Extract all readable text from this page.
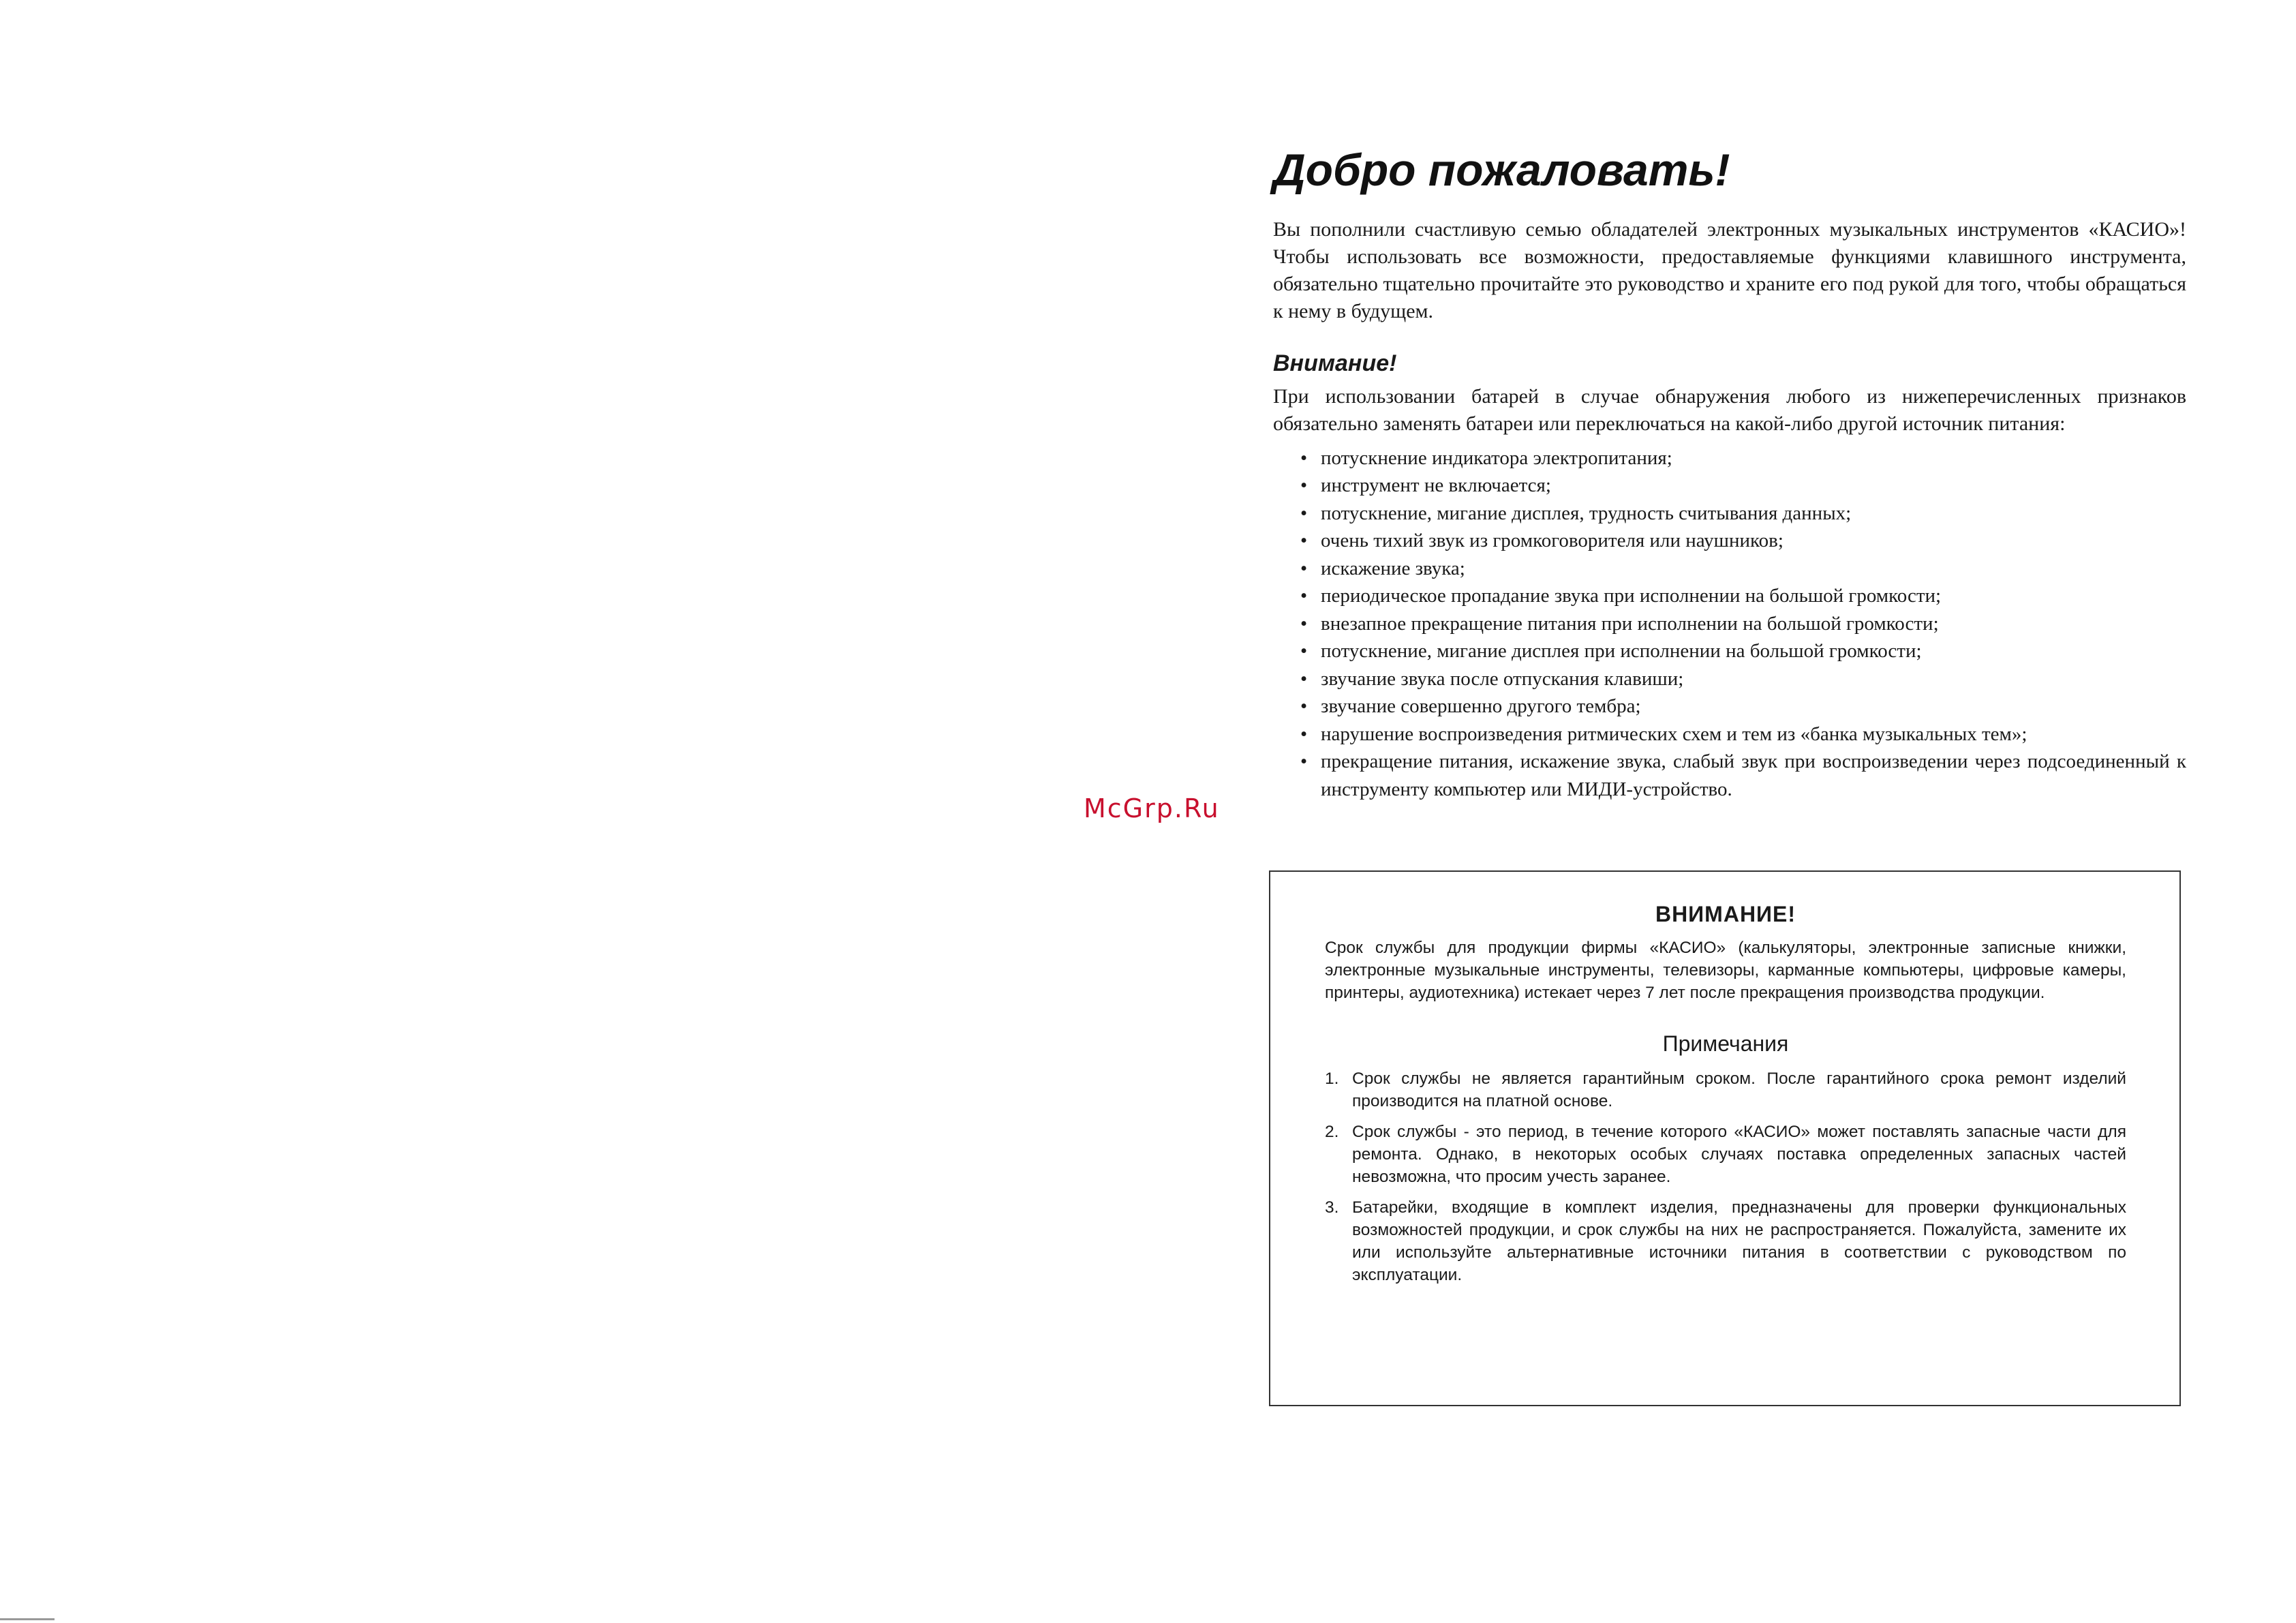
McGrp.Ru
Добро пожаловать!

Вы пополнили счастливую семью обладателей электронных музыкальных инструментов «КАСИО»! Чтобы использовать все возможности, предоставляемые функциями клавишного инструмента, обязательно тщательно прочитайте это руководство и храните его под рукой для того, чтобы обращаться к нему в будущем.

Внимание!

При использовании батарей в случае обнаружения любого из нижеперечисленных признаков обязательно заменять батареи или переключаться на какой-либо другой источник питания:

• потускнение индикатора электропитания;
• инструмент не включается;
• потускнение, мигание дисплея, трудность считывания данных;
• очень тихий звук из громкоговорителя или наушников;
• искажение звука;
• периодическое пропадание звука при исполнении на большой громкости;
• внезапное прекращение питания при исполнении на большой громкости;
• потускнение, мигание дисплея при исполнении на большой громкости;
• звучание звука после отпускания клавиши;
• звучание совершенно другого тембра;
• нарушение воспроизведения ритмических схем и тем из «банка музыкальных тем»;
• прекращение питания, искажение звука, слабый звук при воспроизведении через подсоединенный к инструменту компьютер или МИДИ-устройство.
ВНИМАНИЕ!

Срок службы для продукции фирмы «КАСИО» (калькуляторы, электронные записные книжки, электронные музыкальные инструменты, телевизоры, карманные компьютеры, цифровые камеры, принтеры, аудиотехника) истекает через 7 лет после прекращения производства продукции.

Примечания
1. Срок службы не является гарантийным сроком. После гарантийного срока ремонт изделий производится на платной основе.
2. Срок службы - это период, в течение которого «КАСИО» может поставлять запасные части для ремонта. Однако, в некоторых особых случаях поставка определенных запасных частей невозможна, что просим учесть заранее.
3. Батарейки, входящие в комплект изделия, предназначены для проверки функциональных возможностей продукции, и срок службы на них не распространяется. Пожалуйста, замените их или используйте альтернативные источники питания в соответствии с руководством по эксплуатации.
